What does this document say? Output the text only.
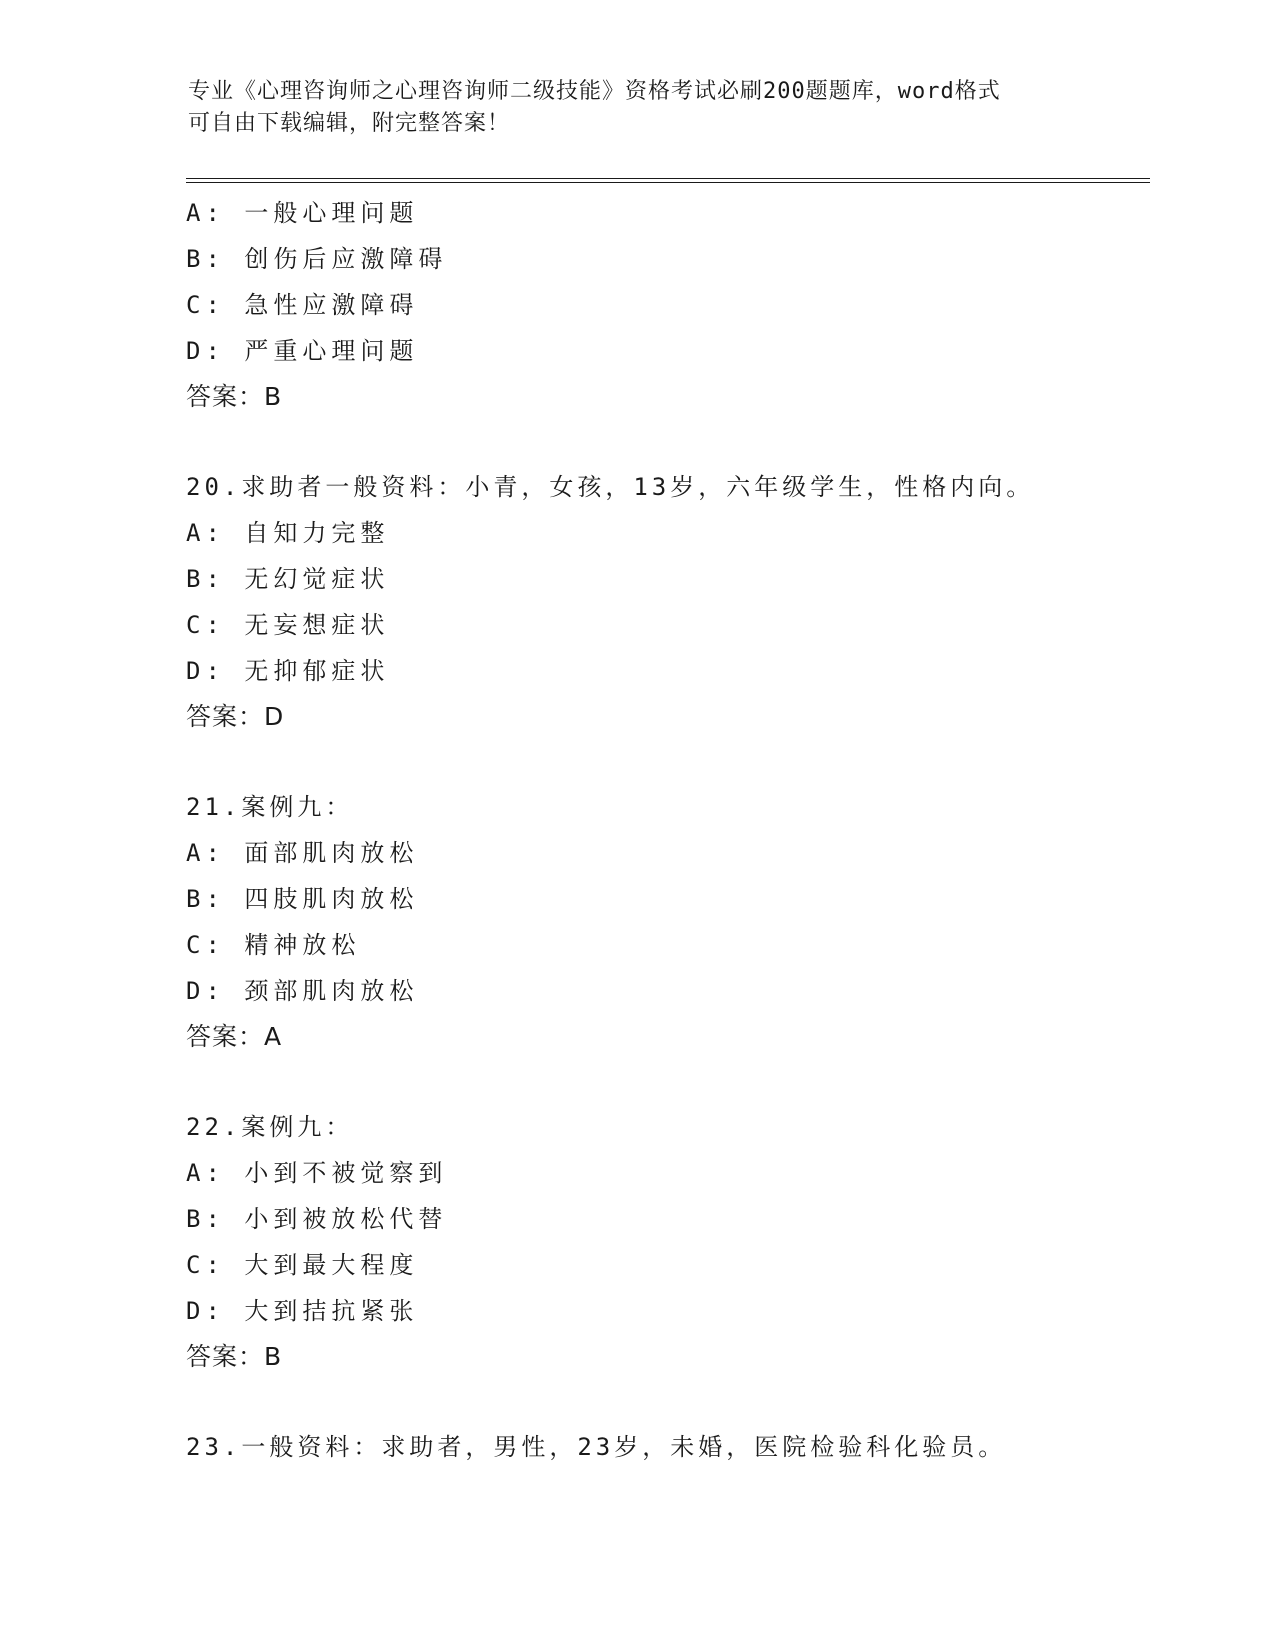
专业《心理咨询师之心理咨询师二级技能》资格考试必刷200题题库，word格式
可自由下载编辑，附完整答案！
A: 一般心理问题
B: 创伤后应激障碍
C: 急性应激障碍
D: 严重心理问题
答案：B
20.求助者一般资料：小青，女孩，13岁，六年级学生，性格内向。
A: 自知力完整
B: 无幻觉症状
C: 无妄想症状
D: 无抑郁症状
答案：D
21.案例九：
A: 面部肌肉放松
B: 四肢肌肉放松
C: 精神放松
D: 颈部肌肉放松
答案：A
22.案例九：
A: 小到不被觉察到
B: 小到被放松代替
C: 大到最大程度
D: 大到拮抗紧张
答案：B
23.一般资料：求助者，男性，23岁，未婚，医院检验科化验员。
